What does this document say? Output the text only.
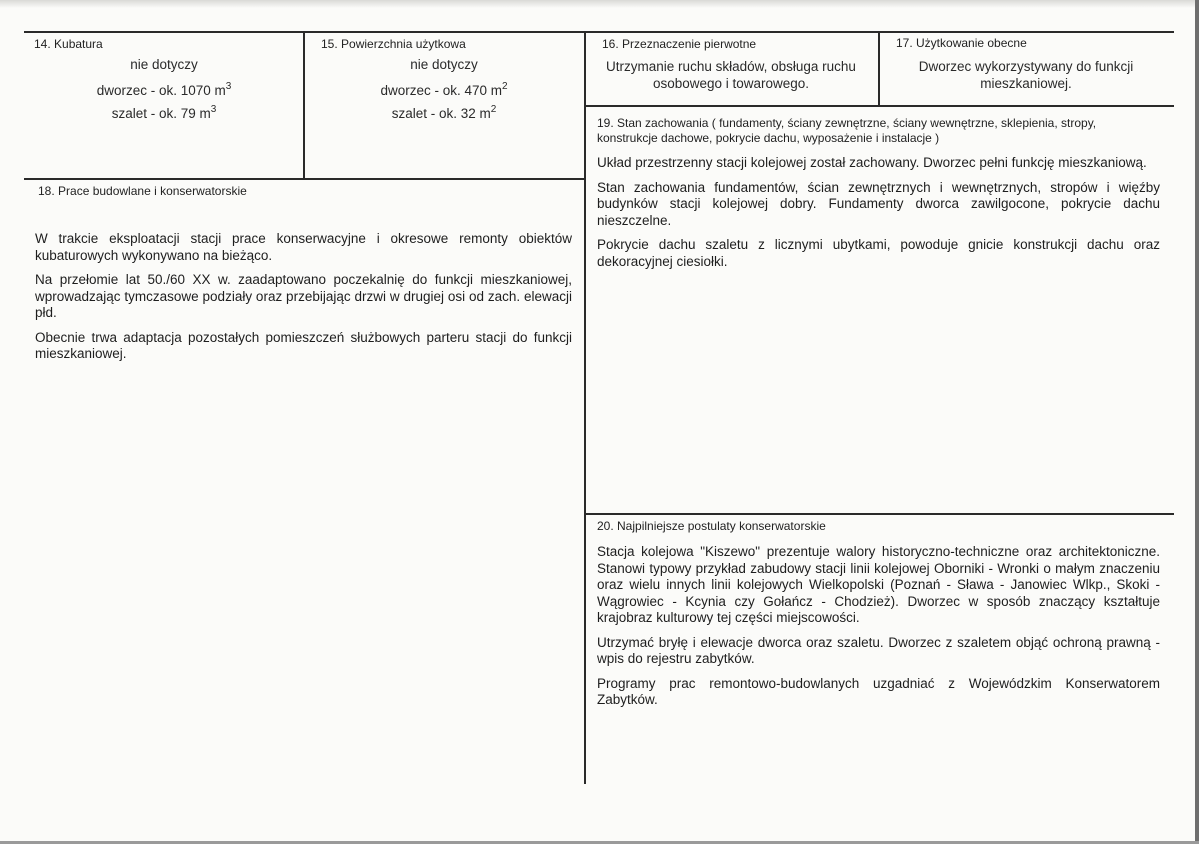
14. Kubatura
nie dotyczy
dworzec - ok. 1070 $m^3$
szalet - ok. 79 $m^3$
15. Powierzchnia użytkowa
nie dotyczy
dworzec - ok. 470 $m^2$
szalet - ok. 32 $m^2$
16. Przeznaczenie pierwotne
Utrzymanie ruchu składów, obsługa ruchu osobowego i towarowego.
17. Użytkowanie obecne
Dworzec wykorzystywany do funkcji mieszkaniowej.
18. Prace budowlane i konserwatorskie

W trakcie eksploatacji stacji prace konserwacyjne i okresowe remonty obiektów kubaturowych wykonywano na bieżąco.

Na przełomie lat 50./60 XX w. zaadaptowano poczekalnię do funkcji mieszkaniowej, wprowadzając tymczasowe podziały oraz przebijając drzwi w drugiej osi od zach. elewacji płd.

Obecnie trwa adaptacja pozostałych pomieszczeń służbowych parteru stacji do funkcji mieszkaniowej.

19. Stan zachowania ( fundamenty, ściany zewnętrzne, ściany wewnętrzne, sklepienia, stropy, konstrukcje dachowe, pokrycie dachu, wyposażenie i instalacje )

Układ przestrzenny stacji kolejowej został zachowany. Dworzec pełni funkcję mieszkaniową.

Stan zachowania fundamentów, ścian zewnętrznych i wewnętrznych, stropów i więźby budynków stacji kolejowej dobry. Fundamenty dworca zawilgocone, pokrycie dachu nieszczelne.

Pokrycie dachu szaletu z licznymi ubytkami, powoduje gnicie konstrukcji dachu oraz dekoracyjnej ciesiołki.

20. Najpilniejsze postulaty konserwatorskie

Stacja kolejowa "Kiszewo" prezentuje walory historyczno-techniczne oraz architektoniczne. Stanowi typowy przykład zabudowy stacji linii kolejowej Oborniki - Wronki o małym znaczeniu oraz wielu innych linii kolejowych Wielkopolski (Poznań - Sława - Janowiec Wlkp., Skoki - Wągrowiec - Kcynia czy Gołańcz - Chodzież). Dworzec w sposób znaczący kształtuje krajobraz kulturowy tej części miejscowości.

Utrzymać bryłę i elewacje dworca oraz szaletu. Dworzec z szaletem objąć ochroną prawną - wpis do rejestru zabytków.

Programy prac remontowo-budowlanych uzgadniać z Wojewódzkim Konserwatorem Zabytków.
